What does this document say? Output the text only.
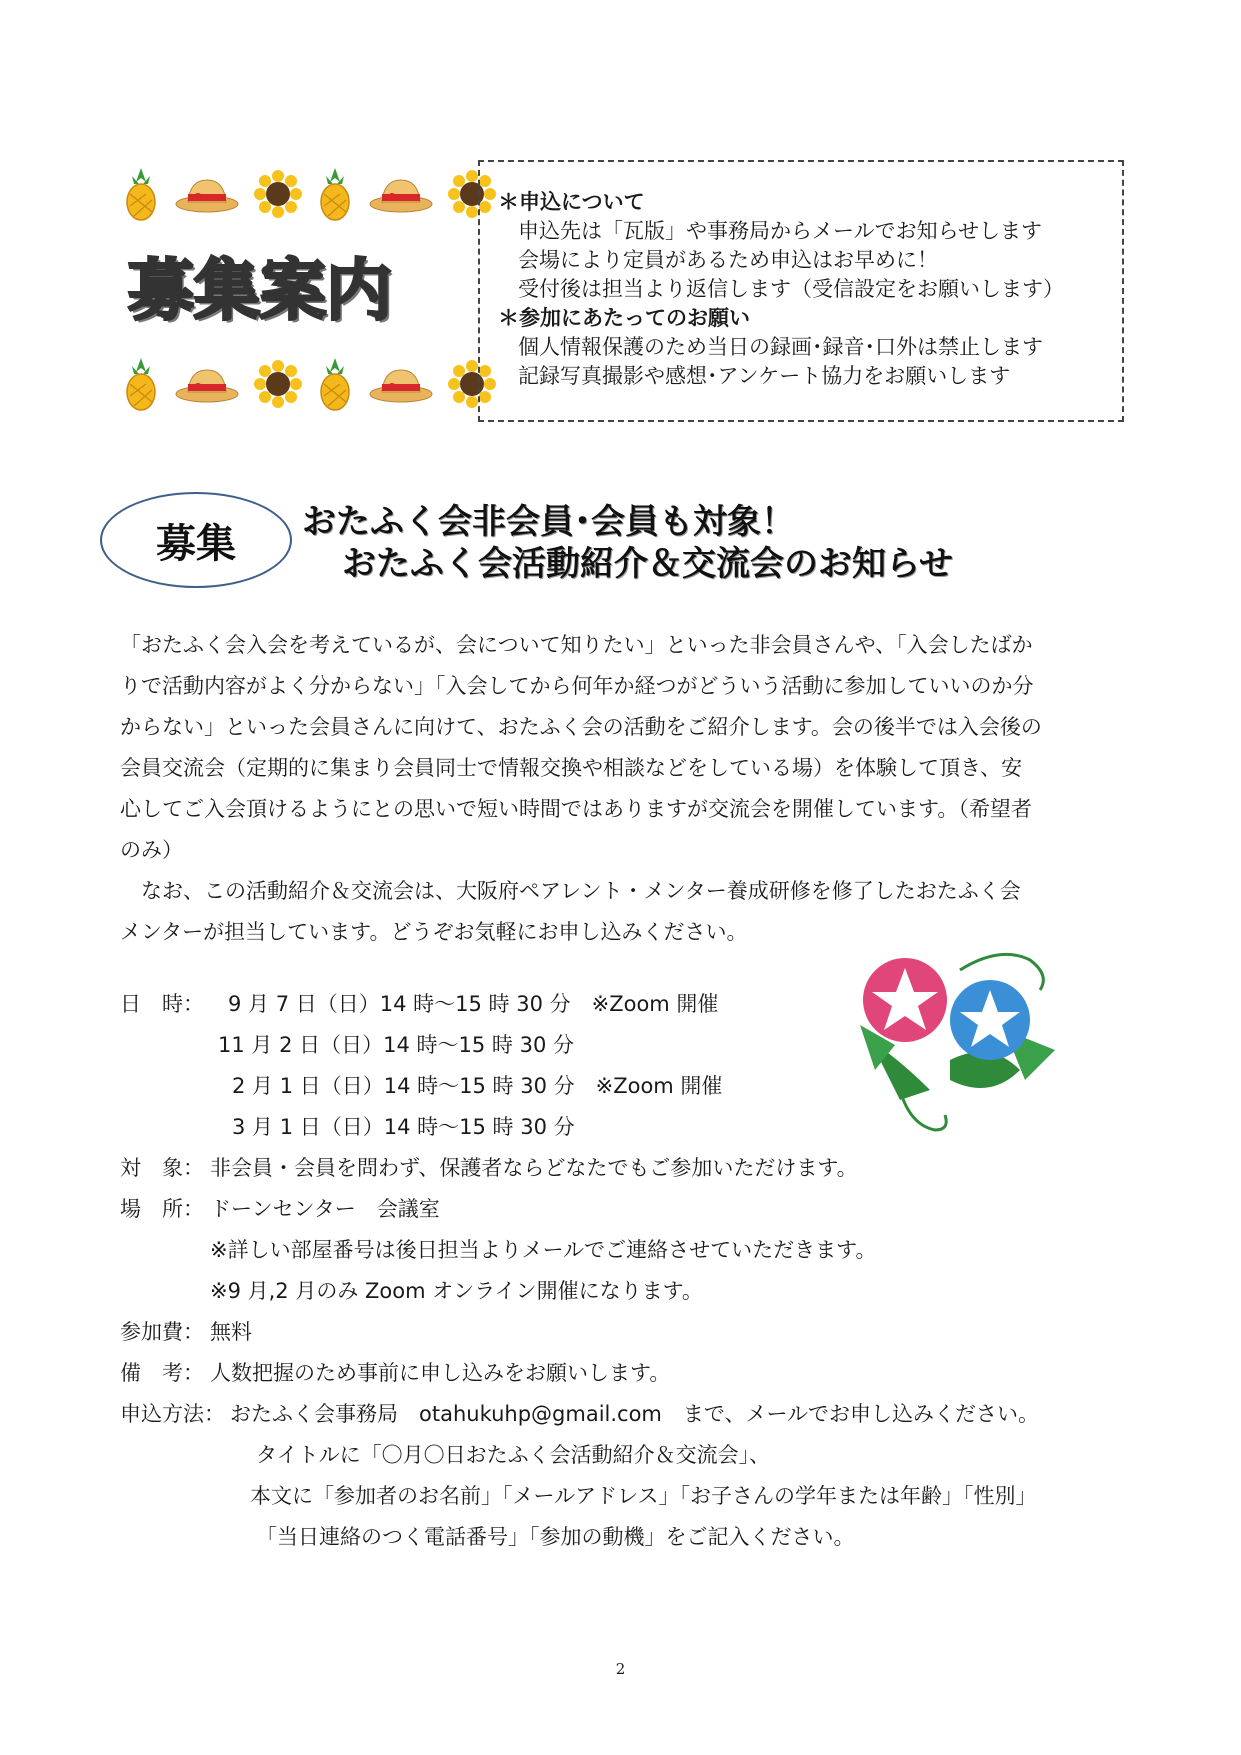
募集案内
＊申込について
申込先は「瓦版」や事務局からメールでお知らせします
会場により定員があるため申込はお早めに！
受付後は担当より返信します（受信設定をお願いします）
＊参加にあたってのお願い
個人情報保護のため当日の録画･録音･口外は禁止します
記録写真撮影や感想･アンケート協力をお願いします
募集	おたふく会非会員･会員も対象！
おたふく会活動紹介＆交流会のお知らせ
「おたふく会入会を考えているが、会について知りたい」といった非会員さんや、「入会したばか
りで活動内容がよく分からない」「入会してから何年か経つがどういう活動に参加していいのか分
からない」といった会員さんに向けて、おたふく会の活動をご紹介します。会の後半では入会後の
会員交流会（定期的に集まり会員同士で情報交換や相談などをしている場）を体験して頂き、安
心してご入会頂けるようにとの思いで短い時間ではありますが交流会を開催しています。（希望者
のみ）
　なお、この活動紹介＆交流会は、大阪府ペアレント・メンター養成研修を修了したおたふく会
メンターが担当しています。どうぞお気軽にお申し込みください。
日　時： 9 月 7 日（日）14 時～15 時 30 分　※Zoom 開催
11 月 2 日（日）14 時～15 時 30 分
2 月 1 日（日）14 時～15 時 30 分　※Zoom 開催
3 月 1 日（日）14 時～15 時 30 分
対　象： 非会員・会員を問わず、保護者ならどなたでもご参加いただけます。
場　所： ドーンセンター　会議室
※詳しい部屋番号は後日担当よりメールでご連絡させていただきます。
※9 月,2 月のみ Zoom オンライン開催になります。
参加費： 無料
備　考： 人数把握のため事前に申し込みをお願いします。
申込方法： おたふく会事務局　otahukuhp@gmail.com　まで、メールでお申し込みください。
タイトルに「〇月〇日おたふく会活動紹介＆交流会」、
本文に「参加者のお名前」「メールアドレス」「お子さんの学年または年齢」「性別」
「当日連絡のつく電話番号」「参加の動機」をご記入ください。
2
